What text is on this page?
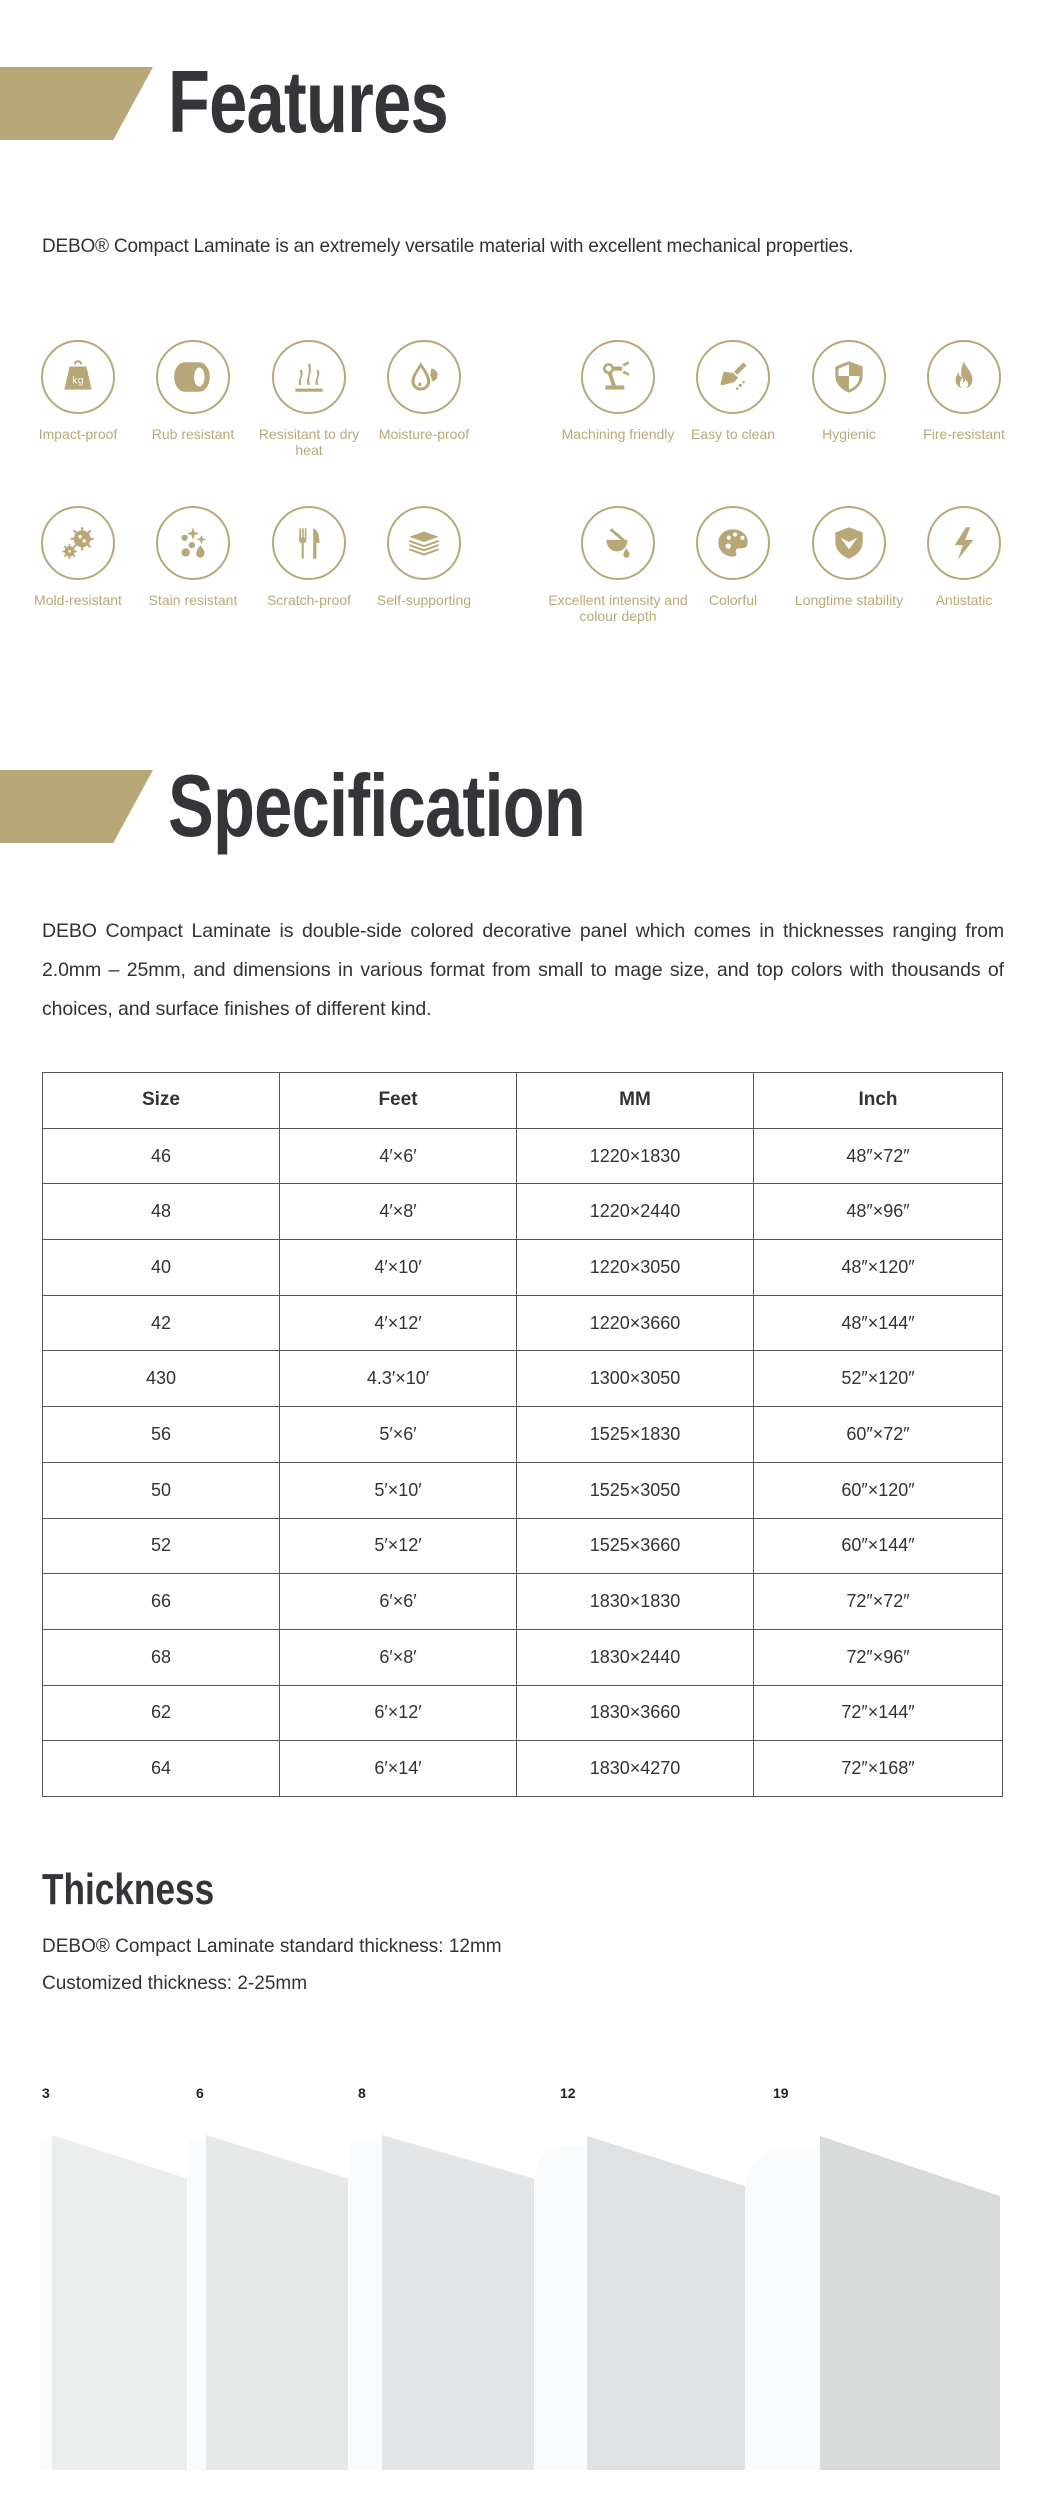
Features

DEBO® Compact Laminate is an extremely versatile material with excellent mechanical properties.

kg
Impact-proof	Rub resistant	Resisitant to dry heat
Moisture-proof	Machining friendly	Easy to clean	Hygienic	Fire-resistant
Mold-resistant	Stain resistant	Scratch-proof	Self-supporting	Excellent intensity and colour depth
Colorful	Longtime stability	Antistatic
Specification

DEBO Compact Laminate is double-side colored decorative panel which comes in thicknesses ranging from 2.0mm – 25mm, and dimensions in various format from small to mage size, and top colors with thousands of choices, and surface finishes of different kind.

Size	Feet	MM	Inch
46	4′×6′	1220×1830	48″×72″
48	4′×8′	1220×2440	48″×96″
40	4′×10′	1220×3050	48″×120″
42	4′×12′	1220×3660	48″×144″
430	4.3′×10′	1300×3050	52″×120″
56	5′×6′	1525×1830	60″×72″
50	5′×10′	1525×3050	60″×120″
52	5′×12′	1525×3660	60″×144″
66	6′×6′	1830×1830	72″×72″
68	6′×8′	1830×2440	72″×96″
62	6′×12′	1830×3660	72″×144″
64	6′×14′	1830×4270	72″×168″
Thickness

DEBO® Compact Laminate standard thickness: 12mm

Customized thickness: 2-25mm

3	6	8	12	19
